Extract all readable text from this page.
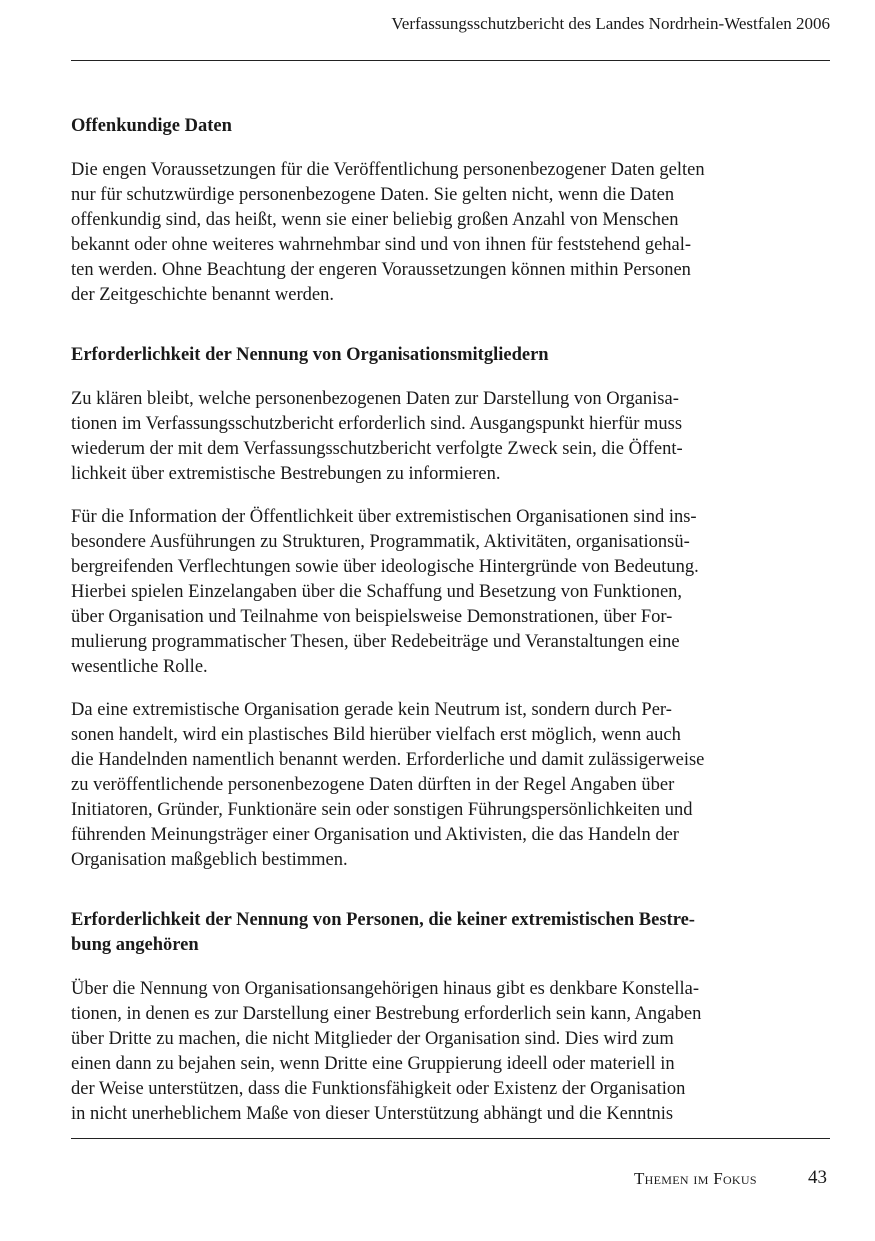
Verfassungsschutzbericht des Landes Nordrhein-Westfalen 2006

Offenkundige Daten

Die engen Voraussetzungen für die Veröffentlichung personenbezogener Daten gelten
nur für schutzwürdige personenbezogene Daten. Sie gelten nicht, wenn die Daten
offenkundig sind, das heißt, wenn sie einer beliebig großen Anzahl von Menschen
bekannt oder ohne weiteres wahrnehmbar sind und von ihnen für feststehend gehal-
ten werden. Ohne Beachtung der engeren Voraussetzungen können mithin Personen
der Zeitgeschichte benannt werden.

Erforderlichkeit der Nennung von Organisationsmitgliedern

Zu klären bleibt, welche personenbezogenen Daten zur Darstellung von Organisa-
tionen im Verfassungsschutzbericht erforderlich sind. Ausgangspunkt hierfür muss
wiederum der mit dem Verfassungsschutzbericht verfolgte Zweck sein, die Öffent-
lichkeit über extremistische Bestrebungen zu informieren.

Für die Information der Öffentlichkeit über extremistischen Organisationen sind ins-
besondere Ausführungen zu Strukturen, Programmatik, Aktivitäten, organisationsü-
bergreifenden Verflechtungen sowie über ideologische Hintergründe von Bedeutung.
Hierbei spielen Einzelangaben über die Schaffung und Besetzung von Funktionen,
über Organisation und Teilnahme von beispielsweise Demonstrationen, über For-
mulierung programmatischer Thesen, über Redebeiträge und Veranstaltungen eine
wesentliche Rolle.

Da eine extremistische Organisation gerade kein Neutrum ist, sondern durch Per-
sonen handelt, wird ein plastisches Bild hierüber vielfach erst möglich, wenn auch
die Handelnden namentlich benannt werden. Erforderliche und damit zulässigerweise
zu veröffentlichende personenbezogene Daten dürften in der Regel Angaben über
Initiatoren, Gründer, Funktionäre sein oder sonstigen Führungspersönlichkeiten und
führenden Meinungsträger einer Organisation und Aktivisten, die das Handeln der
Organisation maßgeblich bestimmen.

Erforderlichkeit der Nennung von Personen, die keiner extremistischen Bestre-
bung angehören

Über die Nennung von Organisationsangehörigen hinaus gibt es denkbare Konstella-
tionen, in denen es zur Darstellung einer Bestrebung erforderlich sein kann, Angaben
über Dritte zu machen, die nicht Mitglieder der Organisation sind. Dies wird zum
einen dann zu bejahen sein, wenn Dritte eine Gruppierung ideell oder materiell in
der Weise unterstützen, dass die Funktionsfähigkeit oder Existenz der Organisation
in nicht unerheblichem Maße von dieser Unterstützung abhängt und die Kenntnis

Themen im Fokus	43
